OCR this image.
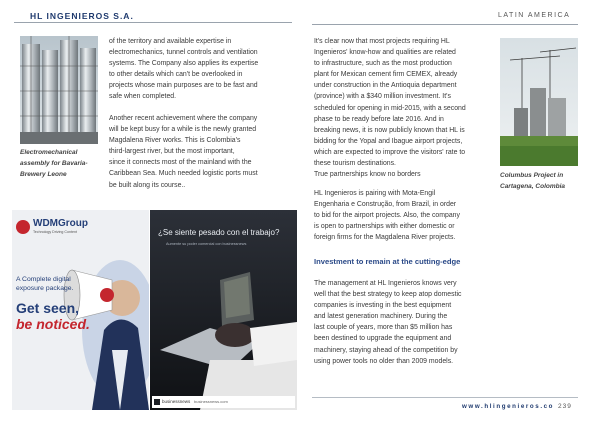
HL INGENIEROS S.A.	LATIN AMERICA

Electromechanical
assembly for Bavaria-
Brewery Leone

of the territory and available expertise in
electromechanics, tunnel controls and ventilation
systems. The Company also applies its expertise
to other details which can't be overlooked in
projects whose main purposes are to be fast and
safe when completed.

Another recent achievement where the company
will be kept busy for a while is the newly granted
Magdalena River works. This is Colombia's
third-largest river, but the most important,
since it connects most of the mainland with the
Caribbean Sea. Much needed logistic ports must
be built along its course..

It's clear now that most projects requiring HL
Ingenieros' know-how and qualities are related
to infrastructure, such as the most production
plant for Mexican cement firm CEMEX, already
under construction in the Antioquia department
(province) with a $340 million investment. It's
scheduled for opening in mid-2015, with a second
phase to be ready before late 2016. And in
breaking news, it is now publicly known that HL is
bidding for the Yopal and Ibague airport projects,
which are expected to improve the visitors' rate to
these tourism destinations.
True partnerships know no borders

HL Ingenieros is pairing with Mota-Engil
Engenharia e Construção, from Brazil, in order
to bid for the airport projects. Also, the company
is open to partnerships with either domestic or
foreign firms for the Magdalena River projects.

Investment to remain at the cutting-edge

The management at HL Ingenieros knows very
well that the best strategy to keep atop domestic
companies is investing in the best equipment
and latest generation machinery. During the
last couple of years, more than $5 million has
been destined to upgrade the equipment and
machinery, staying ahead of the competition by
using power tools no older than 2009 models.

Columbus Project in
Cartagena, Colombia

WDMGroup
Technology Driving Content
A Complete digital
exposure package.
Get seen,
be noticed.
¿Se siente pesado con el trabajo?
Aumente su poder comercial con businessnews
businessnews businessnews.com
www.hlingenieros.co 239
